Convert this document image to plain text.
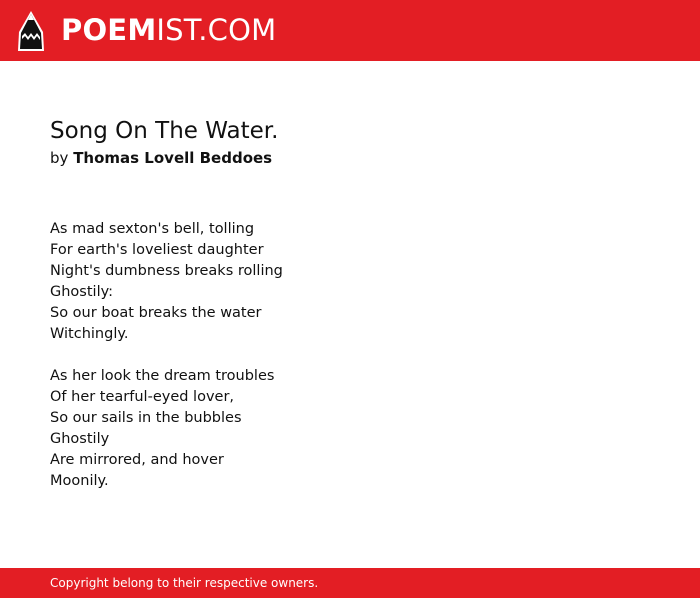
POEMIST.COM
Song On The Water.
by Thomas Lovell Beddoes
As mad sexton's bell, tolling
For earth's loveliest daughter
Night's dumbness breaks rolling
Ghostily:
So our boat breaks the water
Witchingly.
As her look the dream troubles
Of her tearful-eyed lover,
So our sails in the bubbles
Ghostily
Are mirrored, and hover
Moonily.
Copyright belong to their respective owners.
